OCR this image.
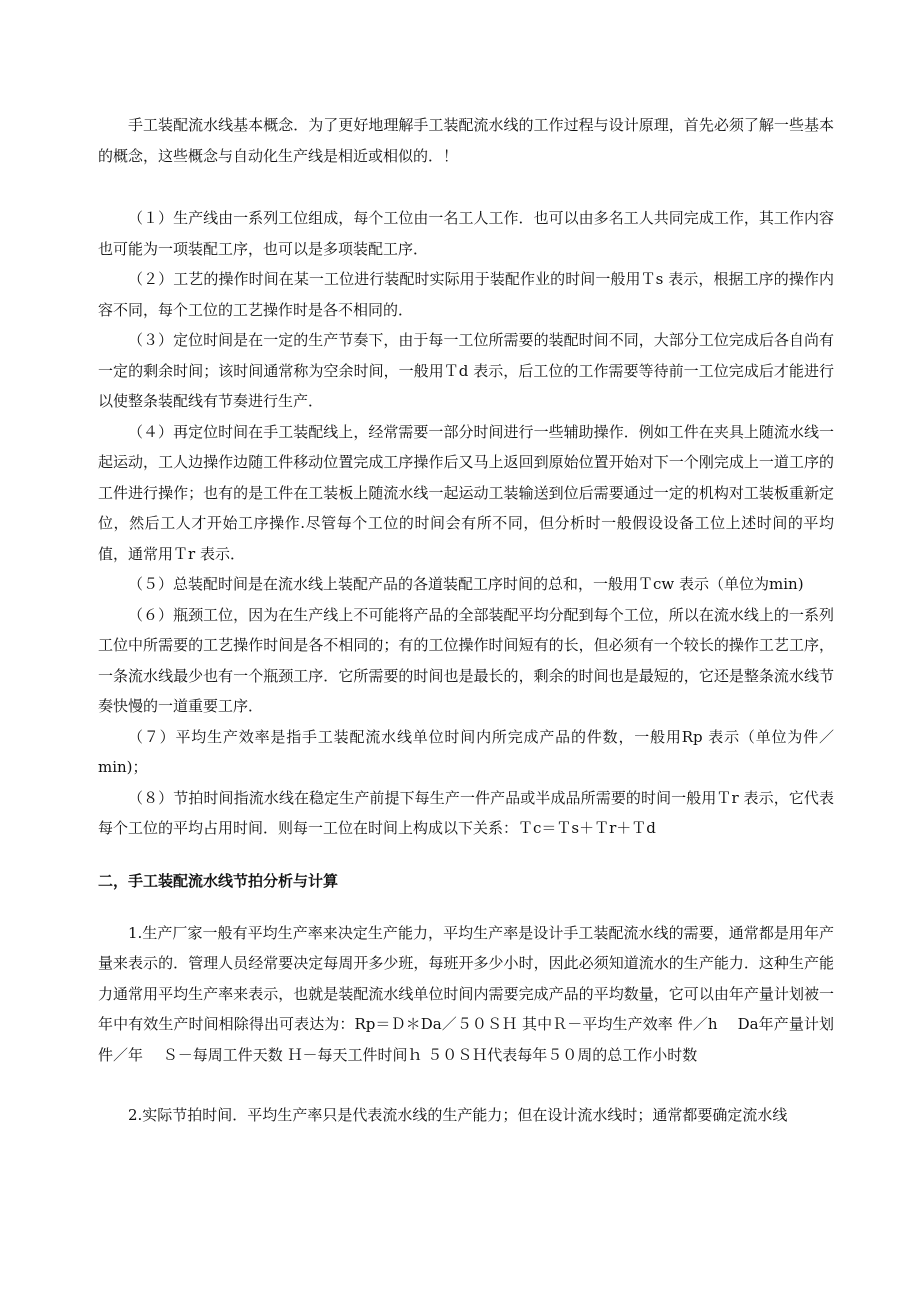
手工装配流水线基本概念．为了更好地理解手工装配流水线的工作过程与设计原理，首先必须了解一些基本的概念，这些概念与自动化生产线是相近或相似的．！

（１）生产线由一系列工位组成，每个工位由一名工人工作．也可以由多名工人共同完成工作，其工作内容也可能为一项装配工序，也可以是多项装配工序．

（２）工艺的操作时间在某一工位进行装配时实际用于装配作业的时间一般用Ｔs 表示，根据工序的操作内容不同，每个工位的工艺操作时是各不相同的．

（３）定位时间是在一定的生产节奏下，由于每一工位所需要的装配时间不同，大部分工位完成后各自尚有一定的剩余时间；该时间通常称为空余时间，一般用Ｔd 表示，后工位的工作需要等待前一工位完成后才能进行以使整条装配线有节奏进行生产．

（４）再定位时间在手工装配线上，经常需要一部分时间进行一些辅助操作．例如工件在夹具上随流水线一起运动，工人边操作边随工件移动位置完成工序操作后又马上返回到原始位置开始对下一个刚完成上一道工序的工件进行操作；也有的是工件在工装板上随流水线一起运动工装输送到位后需要通过一定的机构对工装板重新定位，然后工人才开始工序操作.尽管每个工位的时间会有所不同，但分析时一般假设设备工位上述时间的平均值，通常用Ｔr 表示．

（５）总装配时间是在流水线上装配产品的各道装配工序时间的总和，一般用Ｔcw 表示（单位为min)

（６）瓶颈工位，因为在生产线上不可能将产品的全部装配平均分配到每个工位，所以在流水线上的一系列工位中所需要的工艺操作时间是各不相同的；有的工位操作时间短有的长，但必须有一个较长的操作工艺工序，一条流水线最少也有一个瓶颈工序．它所需要的时间也是最长的，剩余的时间也是最短的，它还是整条流水线节奏快慢的一道重要工序．

（７）平均生产效率是指手工装配流水线单位时间内所完成产品的件数，一般用Rp 表示（单位为件／min)；

（８）节拍时间指流水线在稳定生产前提下每生产一件产品或半成品所需要的时间一般用Ｔr 表示，它代表每个工位的平均占用时间．则每一工位在时间上构成以下关系：Ｔc＝Ｔs＋Ｔr＋Ｔd

二，手工装配流水线节拍分析与计算

1.生产厂家一般有平均生产率来决定生产能力，平均生产率是设计手工装配流水线的需要，通常都是用年产量来表示的．管理人员经常要决定每周开多少班，每班开多少小时，因此必须知道流水的生产能力．这种生产能力通常用平均生产率来表示，也就是装配流水线单位时间内需要完成产品的平均数量，它可以由年产量计划被一年中有效生产时间相除得出可表达为：Rp＝Ｄ＊Da／５０ＳＨ 其中Ｒ－平均生产效率 件／h　 Da年产量计划 件／年　 Ｓ－每周工件天数 Ｈ－每天工件时间ｈ ５０ＳＨ代表每年５０周的总工作小时数

2.实际节拍时间．平均生产率只是代表流水线的生产能力；但在设计流水线时；通常都要确定流水线
